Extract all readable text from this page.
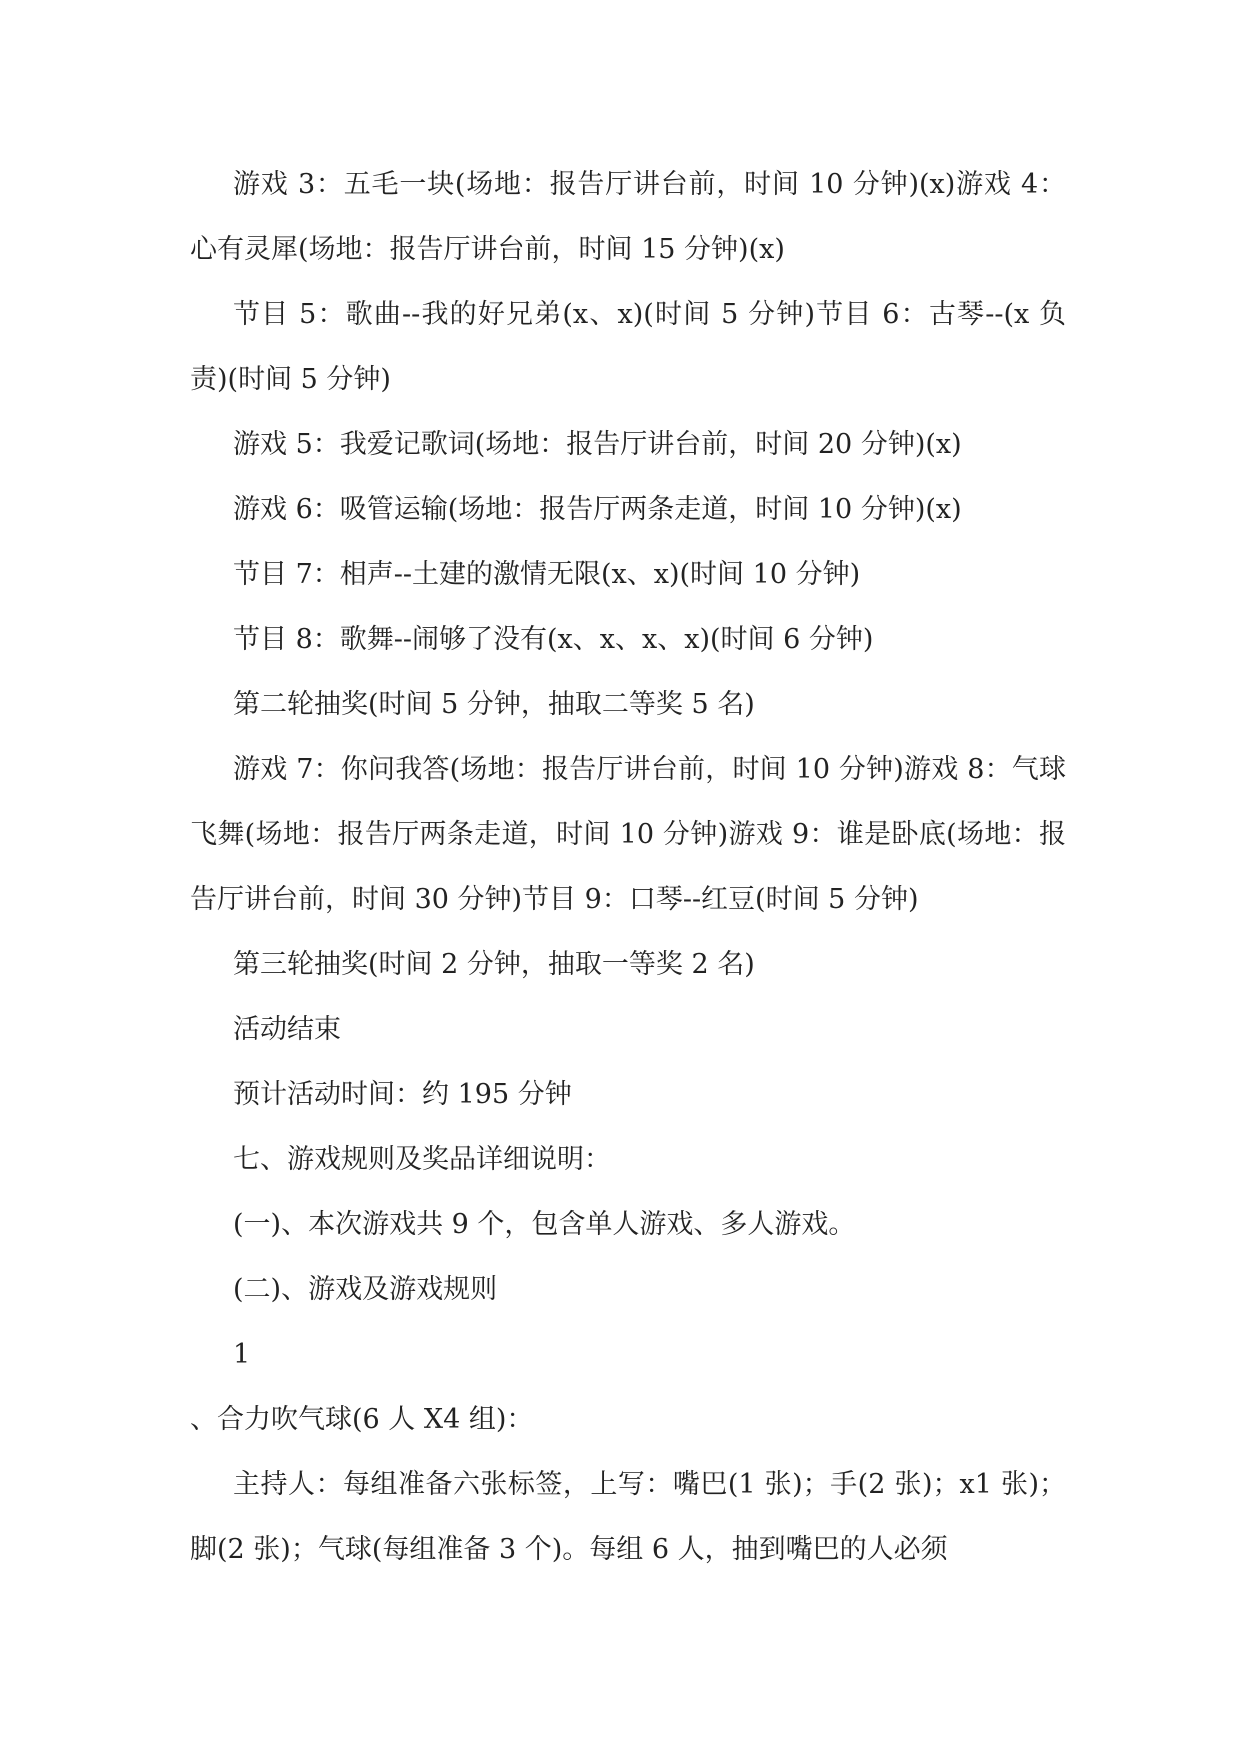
游戏 3：五毛一块(场地：报告厅讲台前，时间 10 分钟)(x)游戏 4：心有灵犀(场地：报告厅讲台前，时间 15 分钟)(x)

节目 5：歌曲--我的好兄弟(x、x)(时间 5 分钟)节目 6：古琴--(x 负责)(时间 5 分钟)

游戏 5：我爱记歌词(场地：报告厅讲台前，时间 20 分钟)(x)

游戏 6：吸管运输(场地：报告厅两条走道，时间 10 分钟)(x)

节目 7：相声--土建的激情无限(x、x)(时间 10 分钟)

节目 8：歌舞--闹够了没有(x、x、x、x)(时间 6 分钟)

第二轮抽奖(时间 5 分钟，抽取二等奖 5 名)

游戏 7：你问我答(场地：报告厅讲台前，时间 10 分钟)游戏 8：气球飞舞(场地：报告厅两条走道，时间 10 分钟)游戏 9：谁是卧底(场地：报告厅讲台前，时间 30 分钟)节目 9：口琴--红豆(时间 5 分钟)

第三轮抽奖(时间 2 分钟，抽取一等奖 2 名)

活动结束

预计活动时间：约 195 分钟

七、游戏规则及奖品详细说明：

(一)、本次游戏共 9 个，包含单人游戏、多人游戏。

(二)、游戏及游戏规则

1

、合力吹气球(6 人 X4 组)：

主持人：每组准备六张标签，上写：嘴巴(1 张)；手(2 张)；x1 张)；脚(2 张)；气球(每组准备 3 个)。每组 6 人，抽到嘴巴的人必须
